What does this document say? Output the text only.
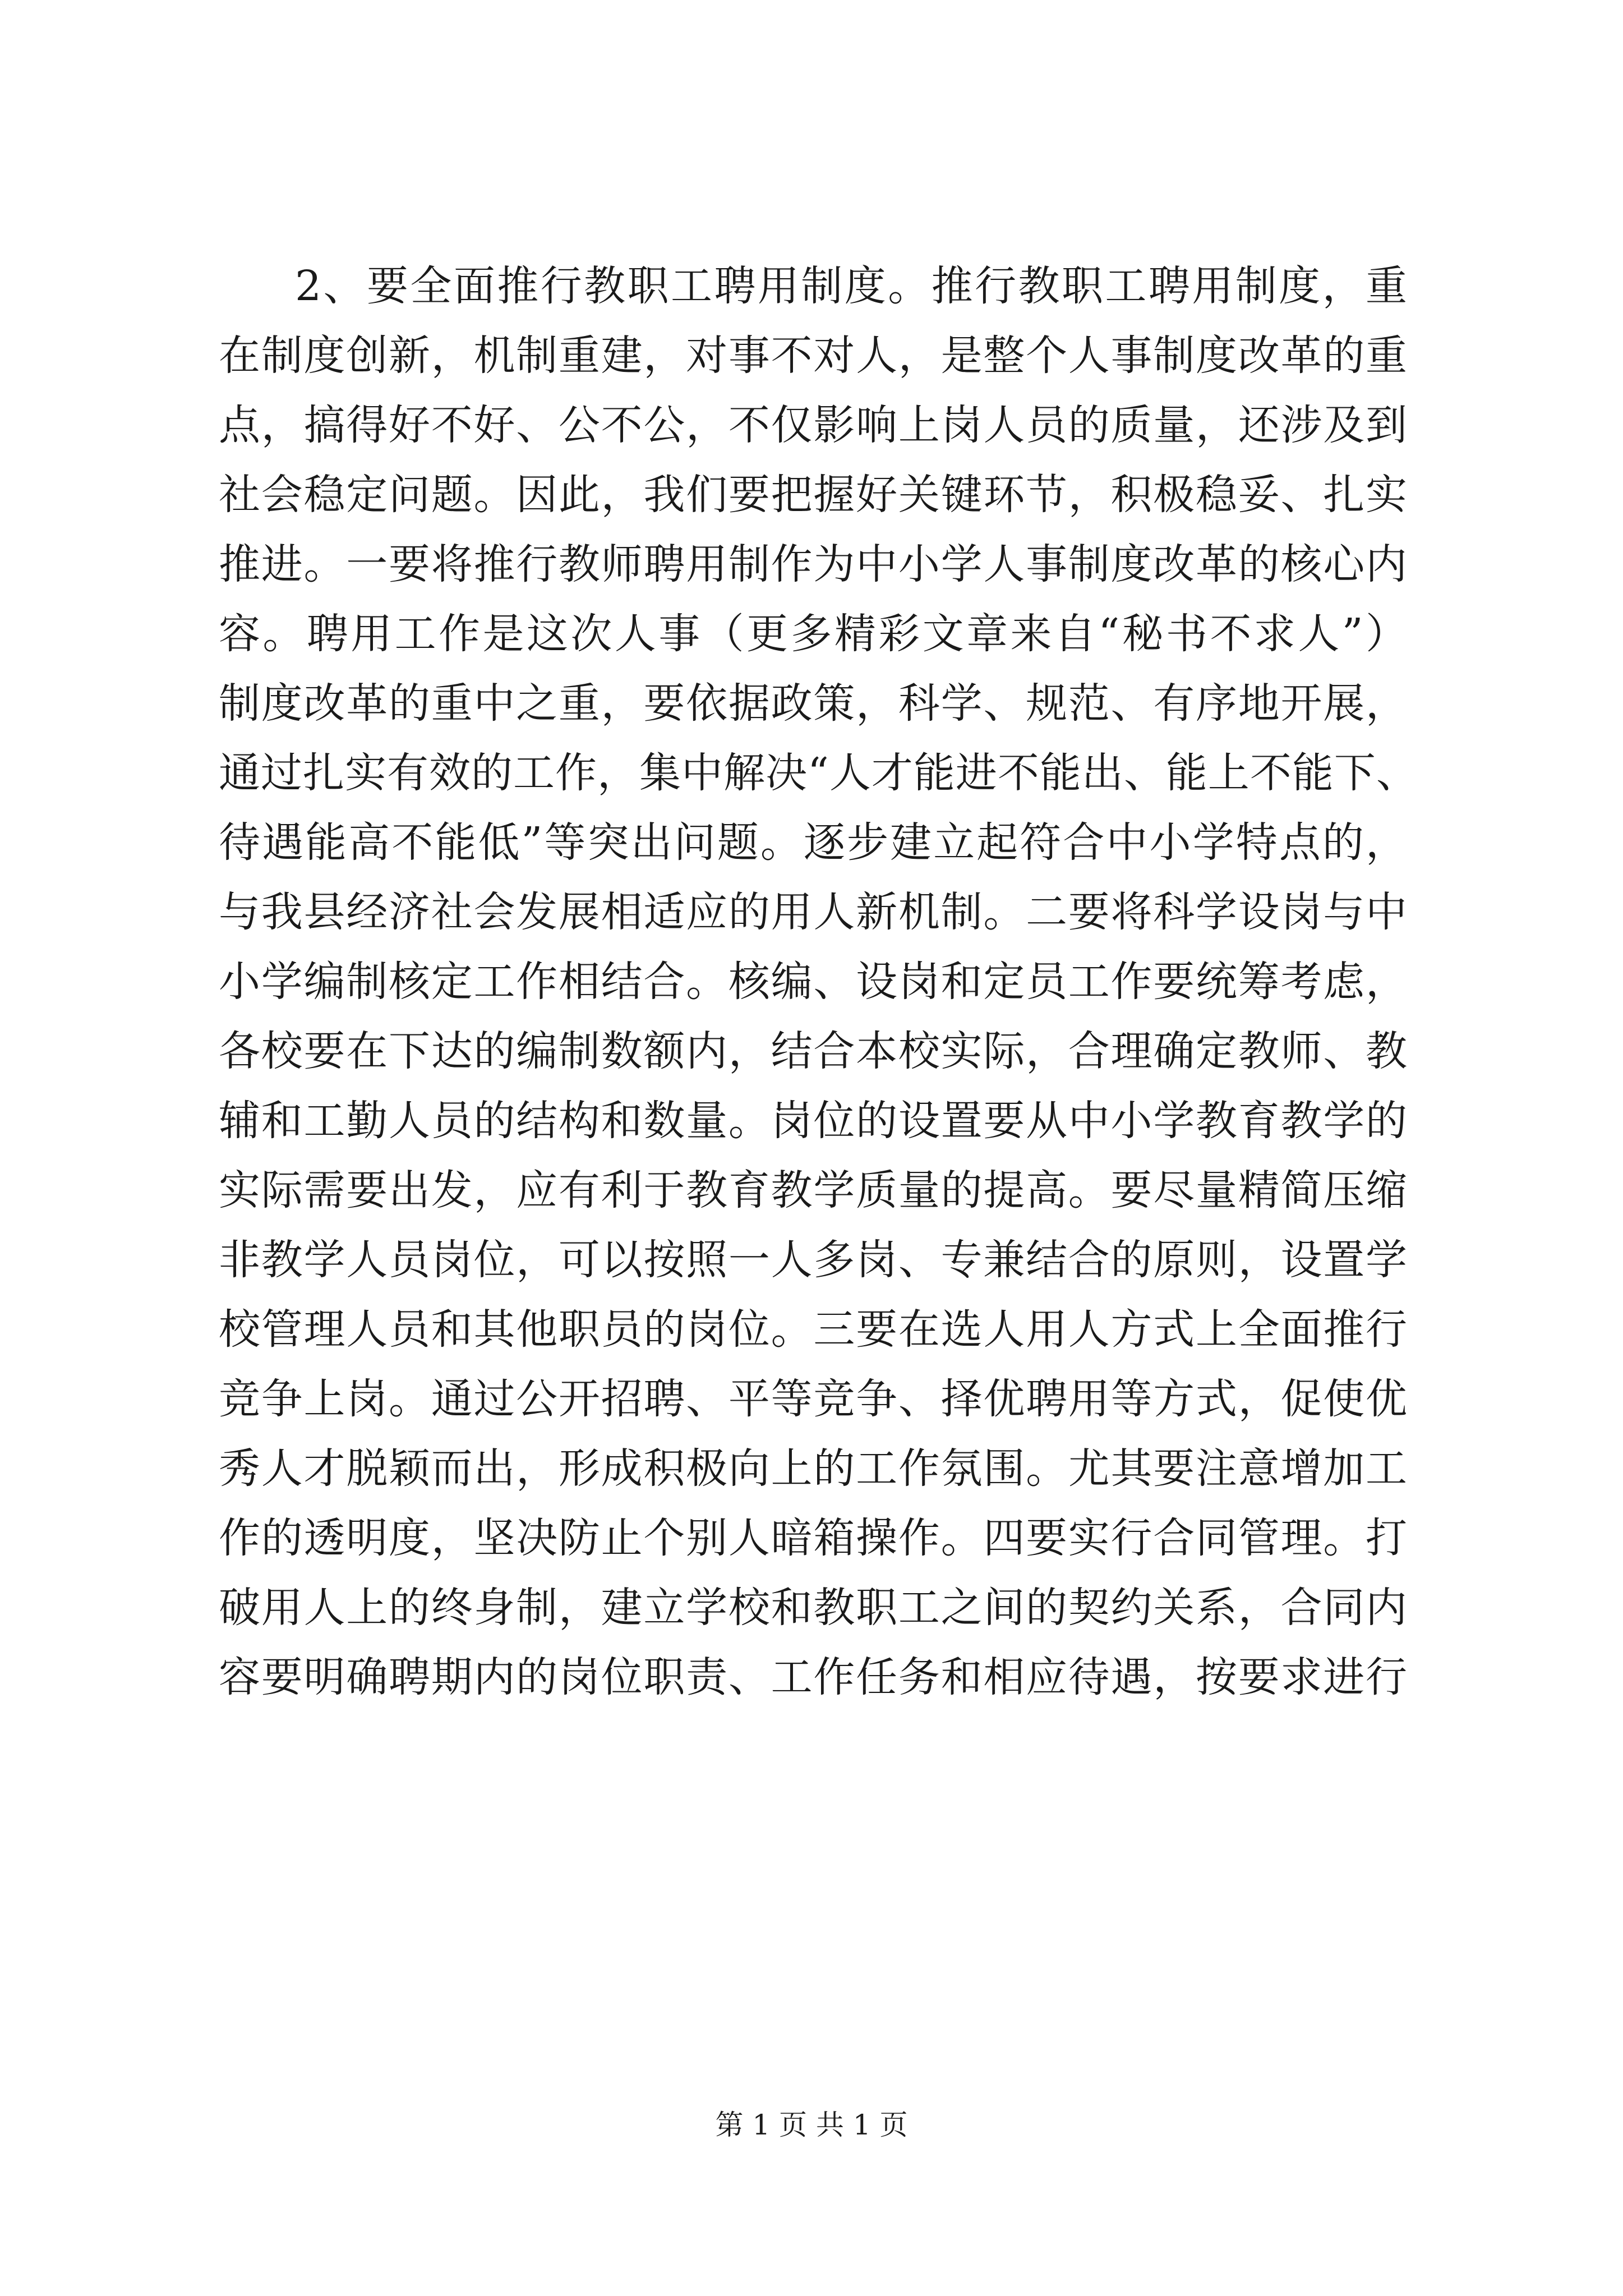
2、要全面推行教职工聘用制度。推行教职工聘用制度，重
在制度创新，机制重建，对事不对人，是整个人事制度改革的重
点，搞得好不好、公不公，不仅影响上岗人员的质量，还涉及到
社会稳定问题。因此，我们要把握好关键环节，积极稳妥、扎实
推进。一要将推行教师聘用制作为中小学人事制度改革的核心内
容。聘用工作是这次人事（更多精彩文章来自“秘书不求人”）
制度改革的重中之重，要依据政策，科学、规范、有序地开展，
通过扎实有效的工作，集中解决“人才能进不能出、能上不能下、
待遇能高不能低”等突出问题。逐步建立起符合中小学特点的，
与我县经济社会发展相适应的用人新机制。二要将科学设岗与中
小学编制核定工作相结合。核编、设岗和定员工作要统筹考虑，
各校要在下达的编制数额内，结合本校实际，合理确定教师、教
辅和工勤人员的结构和数量。岗位的设置要从中小学教育教学的
实际需要出发，应有利于教育教学质量的提高。要尽量精简压缩
非教学人员岗位，可以按照一人多岗、专兼结合的原则，设置学
校管理人员和其他职员的岗位。三要在选人用人方式上全面推行
竞争上岗。通过公开招聘、平等竞争、择优聘用等方式，促使优
秀人才脱颖而出，形成积极向上的工作氛围。尤其要注意增加工
作的透明度，坚决防止个别人暗箱操作。四要实行合同管理。打
破用人上的终身制，建立学校和教职工之间的契约关系，合同内
容要明确聘期内的岗位职责、工作任务和相应待遇，按要求进行
第 1 页 共 1 页
